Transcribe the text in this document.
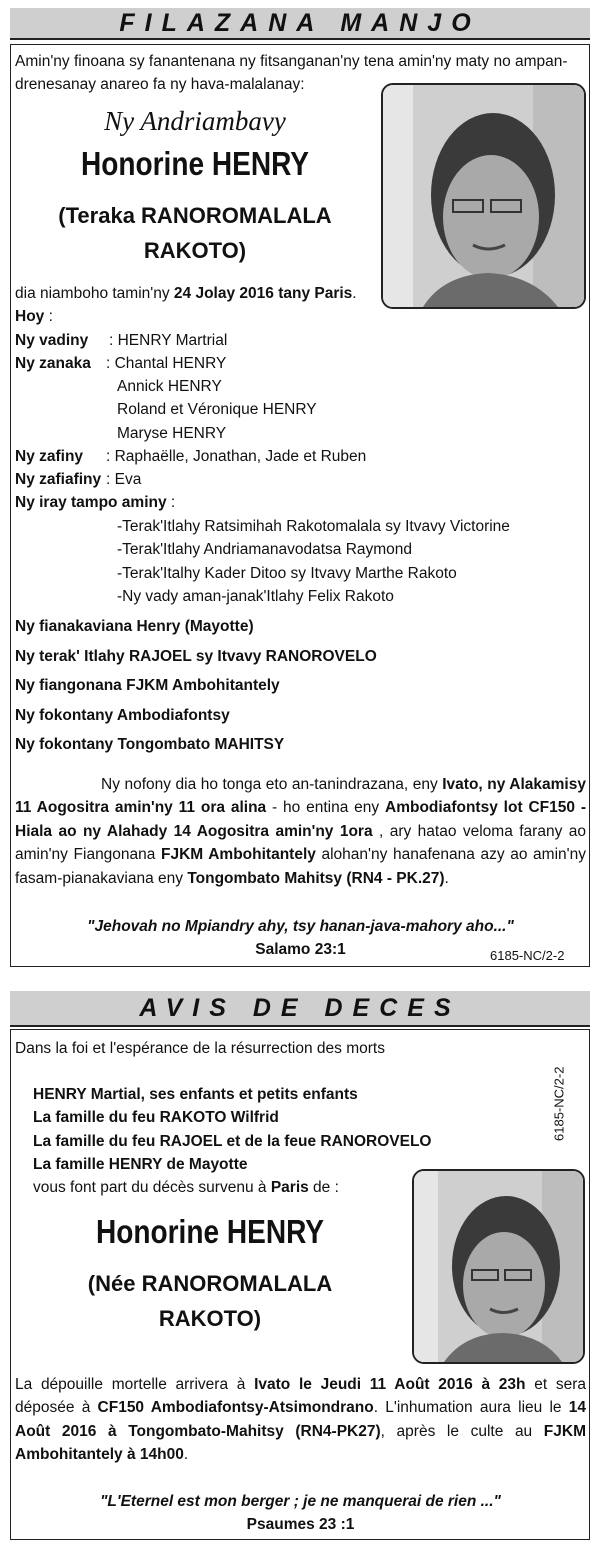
FILAZANA MANJO
Amin'ny finoana sy fanantenana ny fitsanganan'ny tena amin'ny maty no ampan-
drenesanay anareo fa ny hava-malalanay:
Ny Andriambavy
Honorine HENRY
(Teraka RANOROMALALA
RAKOTO)
dia niamboho tamin'ny 24 Jolay 2016 tany Paris.
Hoy :
Ny vadiny : HENRY Martrial
Ny zanaka : Chantal HENRY
Annick HENRY
Roland et Véronique HENRY
Maryse HENRY
Ny zafiny : Raphaëlle, Jonathan, Jade et Ruben
Ny zafiafiny : Eva
Ny iray tampo aminy :
-Terak'Itlahy Ratsimihah Rakotomalala sy Itvavy Victorine
-Terak'Itlahy Andriamanavodatsa Raymond
-Terak'Italhy Kader Ditoo sy Itvavy Marthe Rakoto
-Ny vady aman-janak'Itlahy Felix Rakoto
Ny fianakaviana Henry (Mayotte)
Ny terak' Itlahy RAJOEL sy Itvavy RANOROVELO
Ny fiangonana FJKM Ambohitantely
Ny fokontany Ambodiafontsy
Ny fokontany Tongombato MAHITSY
Ny nofony dia ho tonga eto an-tanindrazana, eny Ivato, ny Alakamisy 11 Aogositra amin'ny 11 ora alina - ho entina eny Ambodiafontsy lot CF150 - Hiala ao ny Alahady 14 Aogositra amin'ny 1ora , ary hatao veloma farany ao amin'ny Fiangonana FJKM Ambohitantely alohan'ny hanafenana azy ao amin'ny fasam-pianakaviana eny Tongombato Mahitsy (RN4 - PK.27).
"Jehovah no Mpiandry ahy, tsy hanan-java-mahory aho..."
Salamo 23:1	6185-NC/2-2
AVIS DE DECES
Dans la foi et l'espérance de la résurrection des morts
6185-NC/2-2
HENRY Martial, ses enfants et petits enfants
La famille du feu RAKOTO Wilfrid
La famille du feu RAJOEL et de la feue RANOROVELO
La famille HENRY de Mayotte
vous font part du décès survenu à Paris de :
Honorine HENRY
(Née RANOROMALALA
RAKOTO)
La dépouille mortelle arrivera à Ivato le Jeudi 11 Août 2016 à 23h et sera déposée à CF150 Ambodiafontsy-Atsimondrano. L'inhumation aura lieu le 14 Août 2016 à Tongombato-Mahitsy (RN4-PK27), après le culte au FJKM Ambohitantely à 14h00.
"L'Eternel est mon berger ; je ne manquerai de rien ..."
Psaumes 23 :1
